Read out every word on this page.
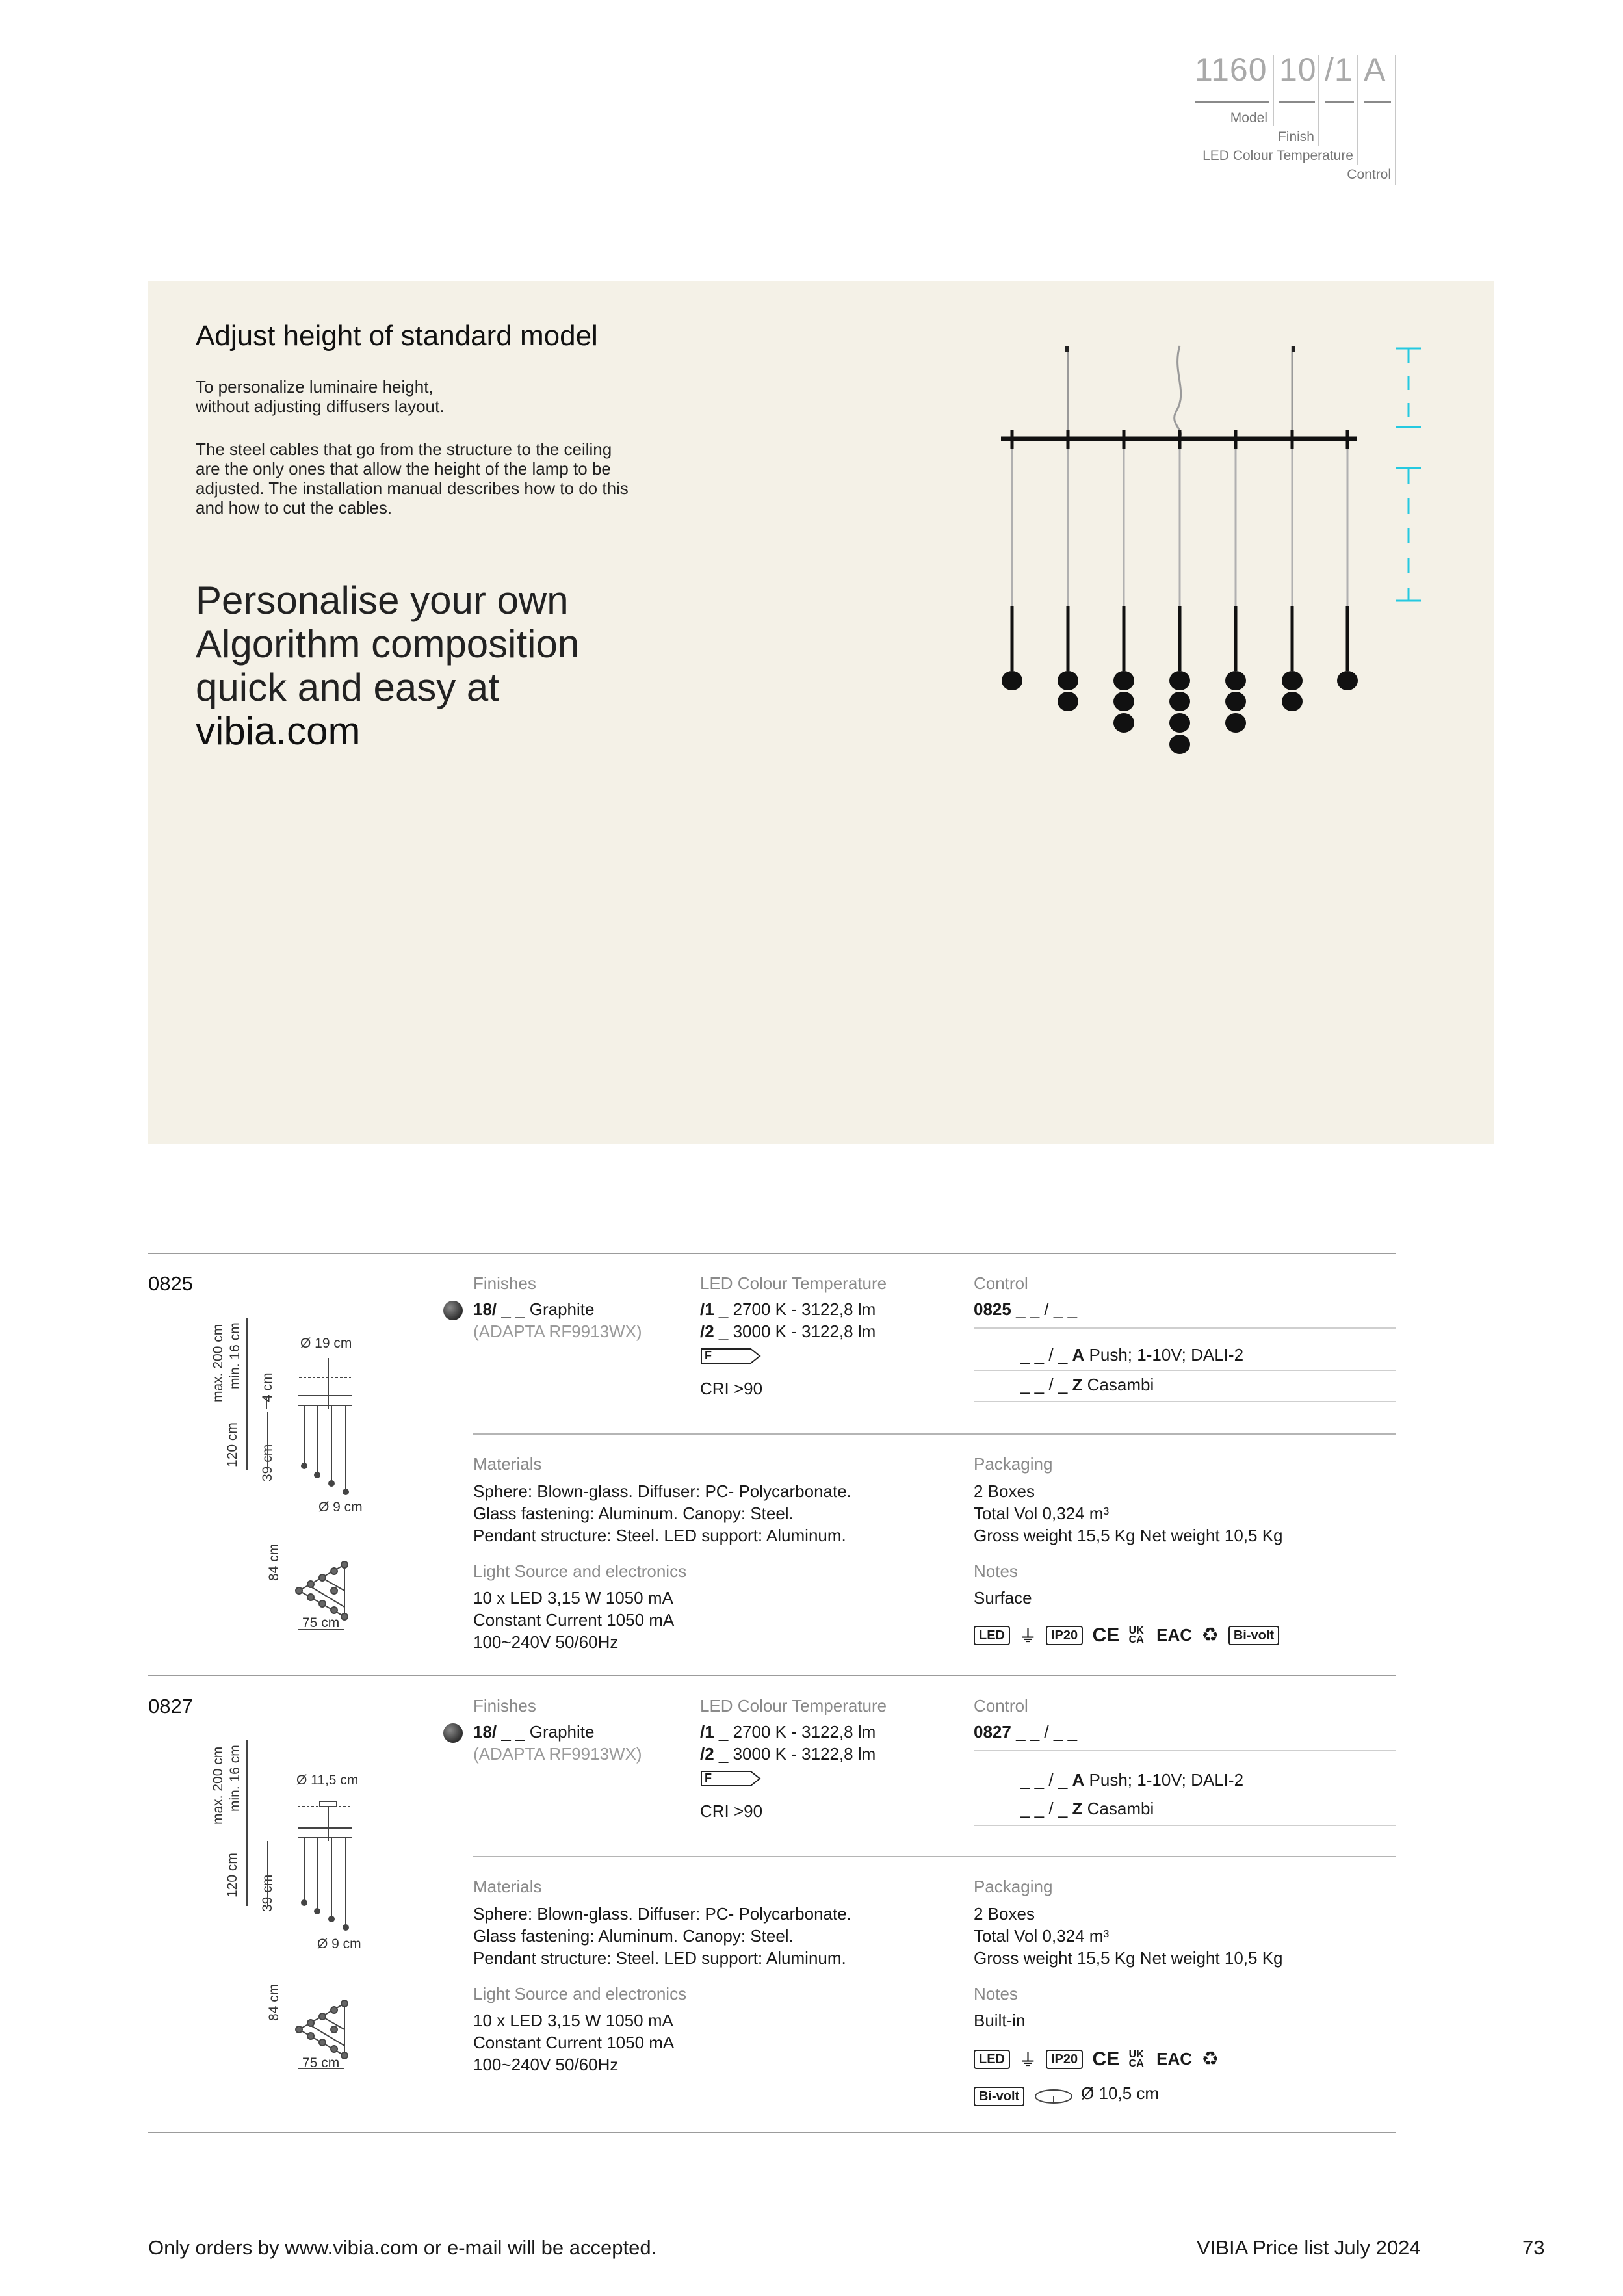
1160 10 /1 A
Model
Finish
LED Colour Temperature
Control
Adjust height of standard model

To personalize luminaire height,

without adjusting diffusers layout.

The steel cables that go from the structure to the ceiling

are the only ones that allow the height of the lamp to be

adjusted. The installation manual describes how to do this

and how to cut the cables.

Personalise your own
Algorithm composition
quick and easy at
vibia.com
0825
max. 200 cm min. 16 cm 4 cm
120 cm 39 cm
Ø 19 cm
Ø 9 cm
84 cm
75 cm
Finishes
18/ _ _ Graphite
(ADAPTA RF9913WX)
LED Colour Temperature
/1 _ 2700 K - 3122,8 lm
/2 _ 3000 K - 3122,8 lm
F
CRI >90
Control
0825 _ _ / _ _
_ _ / _ A Push; 1-10V; DALI-2
_ _ / _ Z Casambi
Materials
Sphere: Blown-glass. Diffuser: PC- Polycarbonate.
Glass fastening: Aluminum. Canopy: Steel.
Pendant structure: Steel. LED support: Aluminum.
Light Source and electronics
10 x LED 3,15 W 1050 mA
Constant Current 1050 mA
100~240V 50/60Hz
Packaging
2 Boxes
Total Vol 0,324 m³
Gross weight 15,5 Kg Net weight 10,5 Kg
Notes
Surface
LED ⏚ IP20 CE UK CA EAC ♻ Bi-volt
0827
max. 200 cm min. 16 cm
120 cm 39 cm
Ø 11,5 cm
Ø 9 cm
84 cm
75 cm
Finishes
18/ _ _ Graphite
(ADAPTA RF9913WX)
LED Colour Temperature
/1 _ 2700 K - 3122,8 lm
/2 _ 3000 K - 3122,8 lm
F
CRI >90
Control
0827 _ _ / _ _
_ _ / _ A Push; 1-10V; DALI-2
_ _ / _ Z Casambi
Materials
Sphere: Blown-glass. Diffuser: PC- Polycarbonate.
Glass fastening: Aluminum. Canopy: Steel.
Pendant structure: Steel. LED support: Aluminum.
Light Source and electronics
10 x LED 3,15 W 1050 mA
Constant Current 1050 mA
100~240V 50/60Hz
Packaging
2 Boxes
Total Vol 0,324 m³
Gross weight 15,5 Kg Net weight 10,5 Kg
Notes
Built-in
LED ⏚ IP20 CE UK CA EAC ♻
Bi-volt	Ø 10,5 cm
Only orders by www.vibia.com or e-mail will be accepted.	VIBIA Price list July 2024	73
